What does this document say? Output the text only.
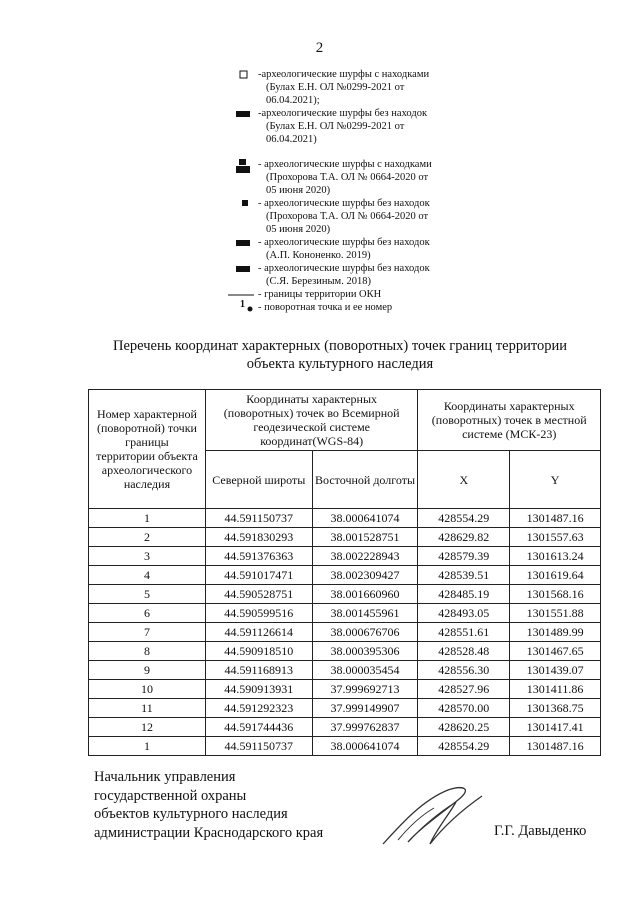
2
-археологические шурфы с находками
(Булах Е.Н. ОЛ №0299-2021 от
06.04.2021);
-археологические шурфы без находок
(Булах Е.Н. ОЛ №0299-2021 от
06.04.2021)
- археологические шурфы с находками
(Прохорова Т.А. ОЛ № 0664-2020 от
05 июня 2020)
- археологические шурфы без находок
(Прохорова Т.А. ОЛ № 0664-2020 от
05 июня 2020)
- археологические шурфы без находок
(А.П. Кононенко. 2019)
- археологические шурфы без находок
(С.Я. Березиным. 2018)
- границы территории ОКН
1 - поворотная точка и ее номер
Перечень координат характерных (поворотных) точек границ территории
объекта культурного наследия
Номер характерной (поворотной) точки границы территории объекта археологического наследия	Координаты характерных (поворотных) точек во Всемирной геодезической системе координат(WGS-84)		Координаты характерных (поворотных) точек в местной системе (МСК-23)	
	Северной широты	Восточной долготы	X	Y
1	44.591150737	38.000641074	428554.29	1301487.16
2	44.591830293	38.001528751	428629.82	1301557.63
3	44.591376363	38.002228943	428579.39	1301613.24
4	44.591017471	38.002309427	428539.51	1301619.64
5	44.590528751	38.001660960	428485.19	1301568.16
6	44.590599516	38.001455961	428493.05	1301551.88
7	44.591126614	38.000676706	428551.61	1301489.99
8	44.590918510	38.000395306	428528.48	1301467.65
9	44.591168913	38.000035454	428556.30	1301439.07
10	44.590913931	37.999692713	428527.96	1301411.86
11	44.591292323	37.999149907	428570.00	1301368.75
12	44.591744436	37.999762837	428620.25	1301417.41
1	44.591150737	38.000641074	428554.29	1301487.16
Начальник управления
государственной охраны
объектов культурного наследия
администрации Краснодарского края	Г.Г. Давыденко
